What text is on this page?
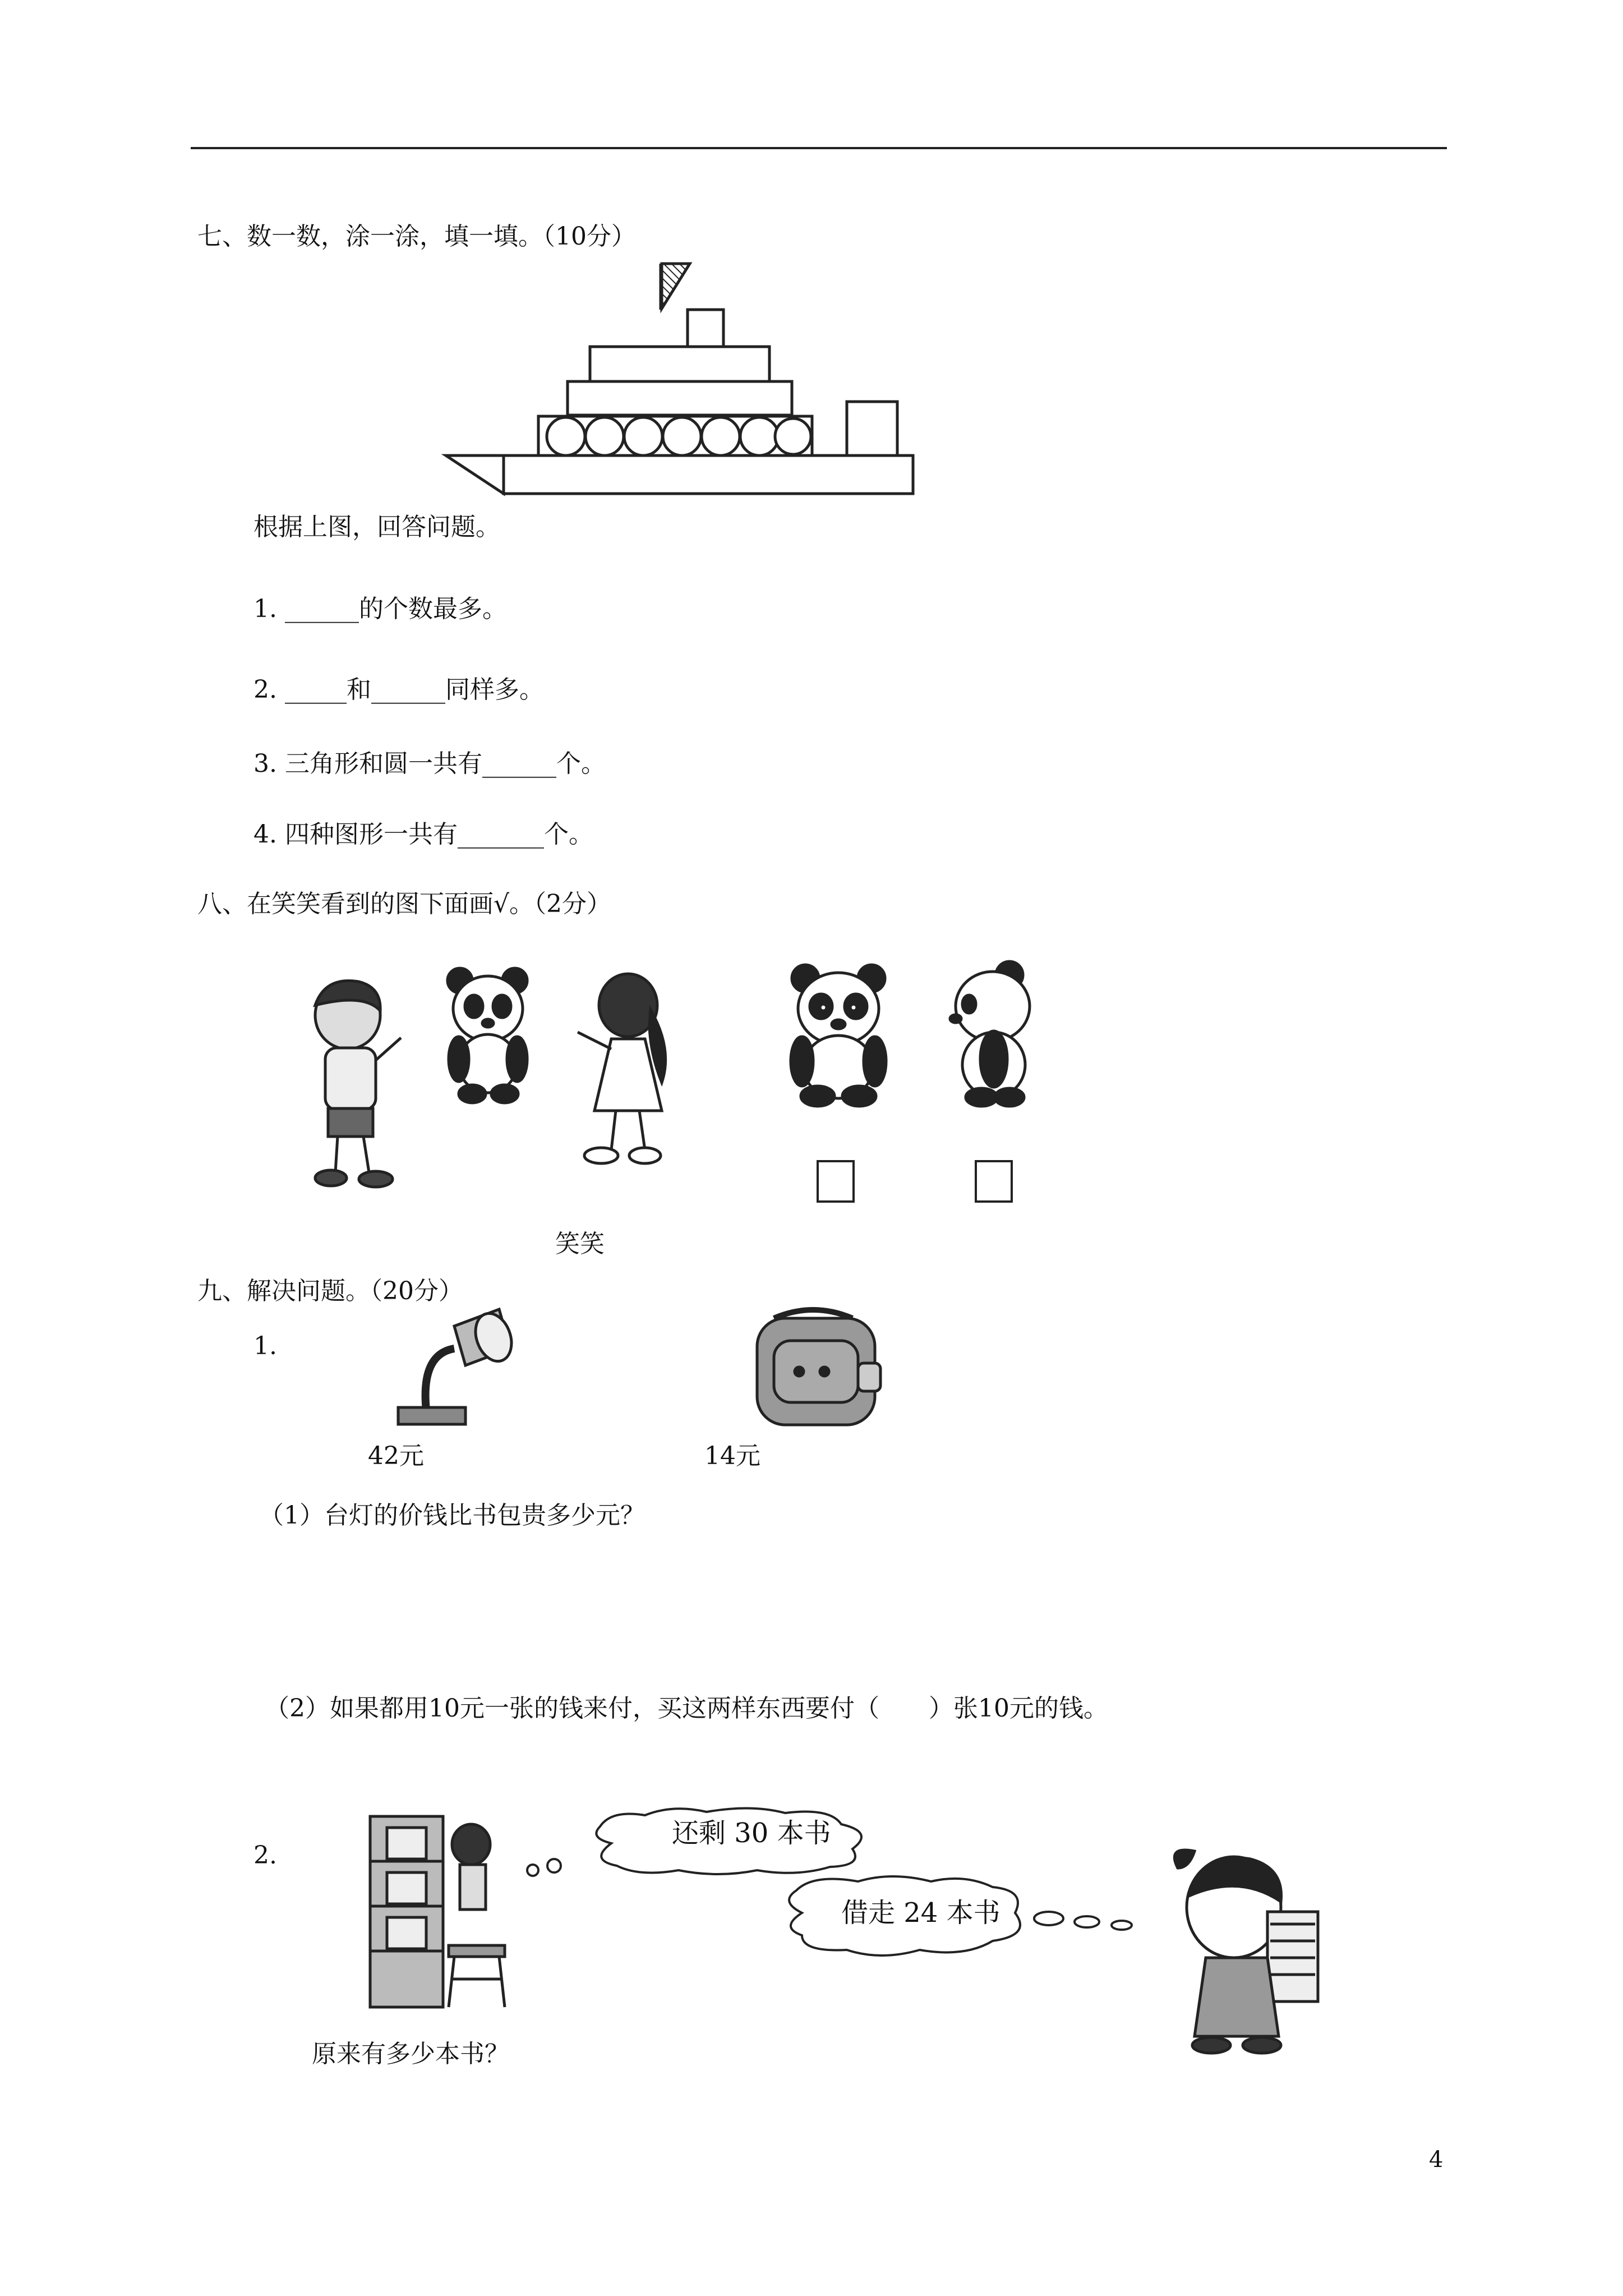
七、数一数，涂一涂，填一填。（10分）
根据上图，回答问题。
1. ______的个数最多。
2. _____和______同样多。
3. 三角形和圆一共有______个。
4. 四种图形一共有_______个。
八、在笑笑看到的图下面画√。（2分）
笑笑
九、解决问题。（20分）
1.
42元	14元
（1）台灯的价钱比书包贵多少元？
（2）如果都用10元一张的钱来付，买这两样东西要付（　　）张10元的钱。
2.
还剩 30 本书
借走 24 本书
原来有多少本书？
4
